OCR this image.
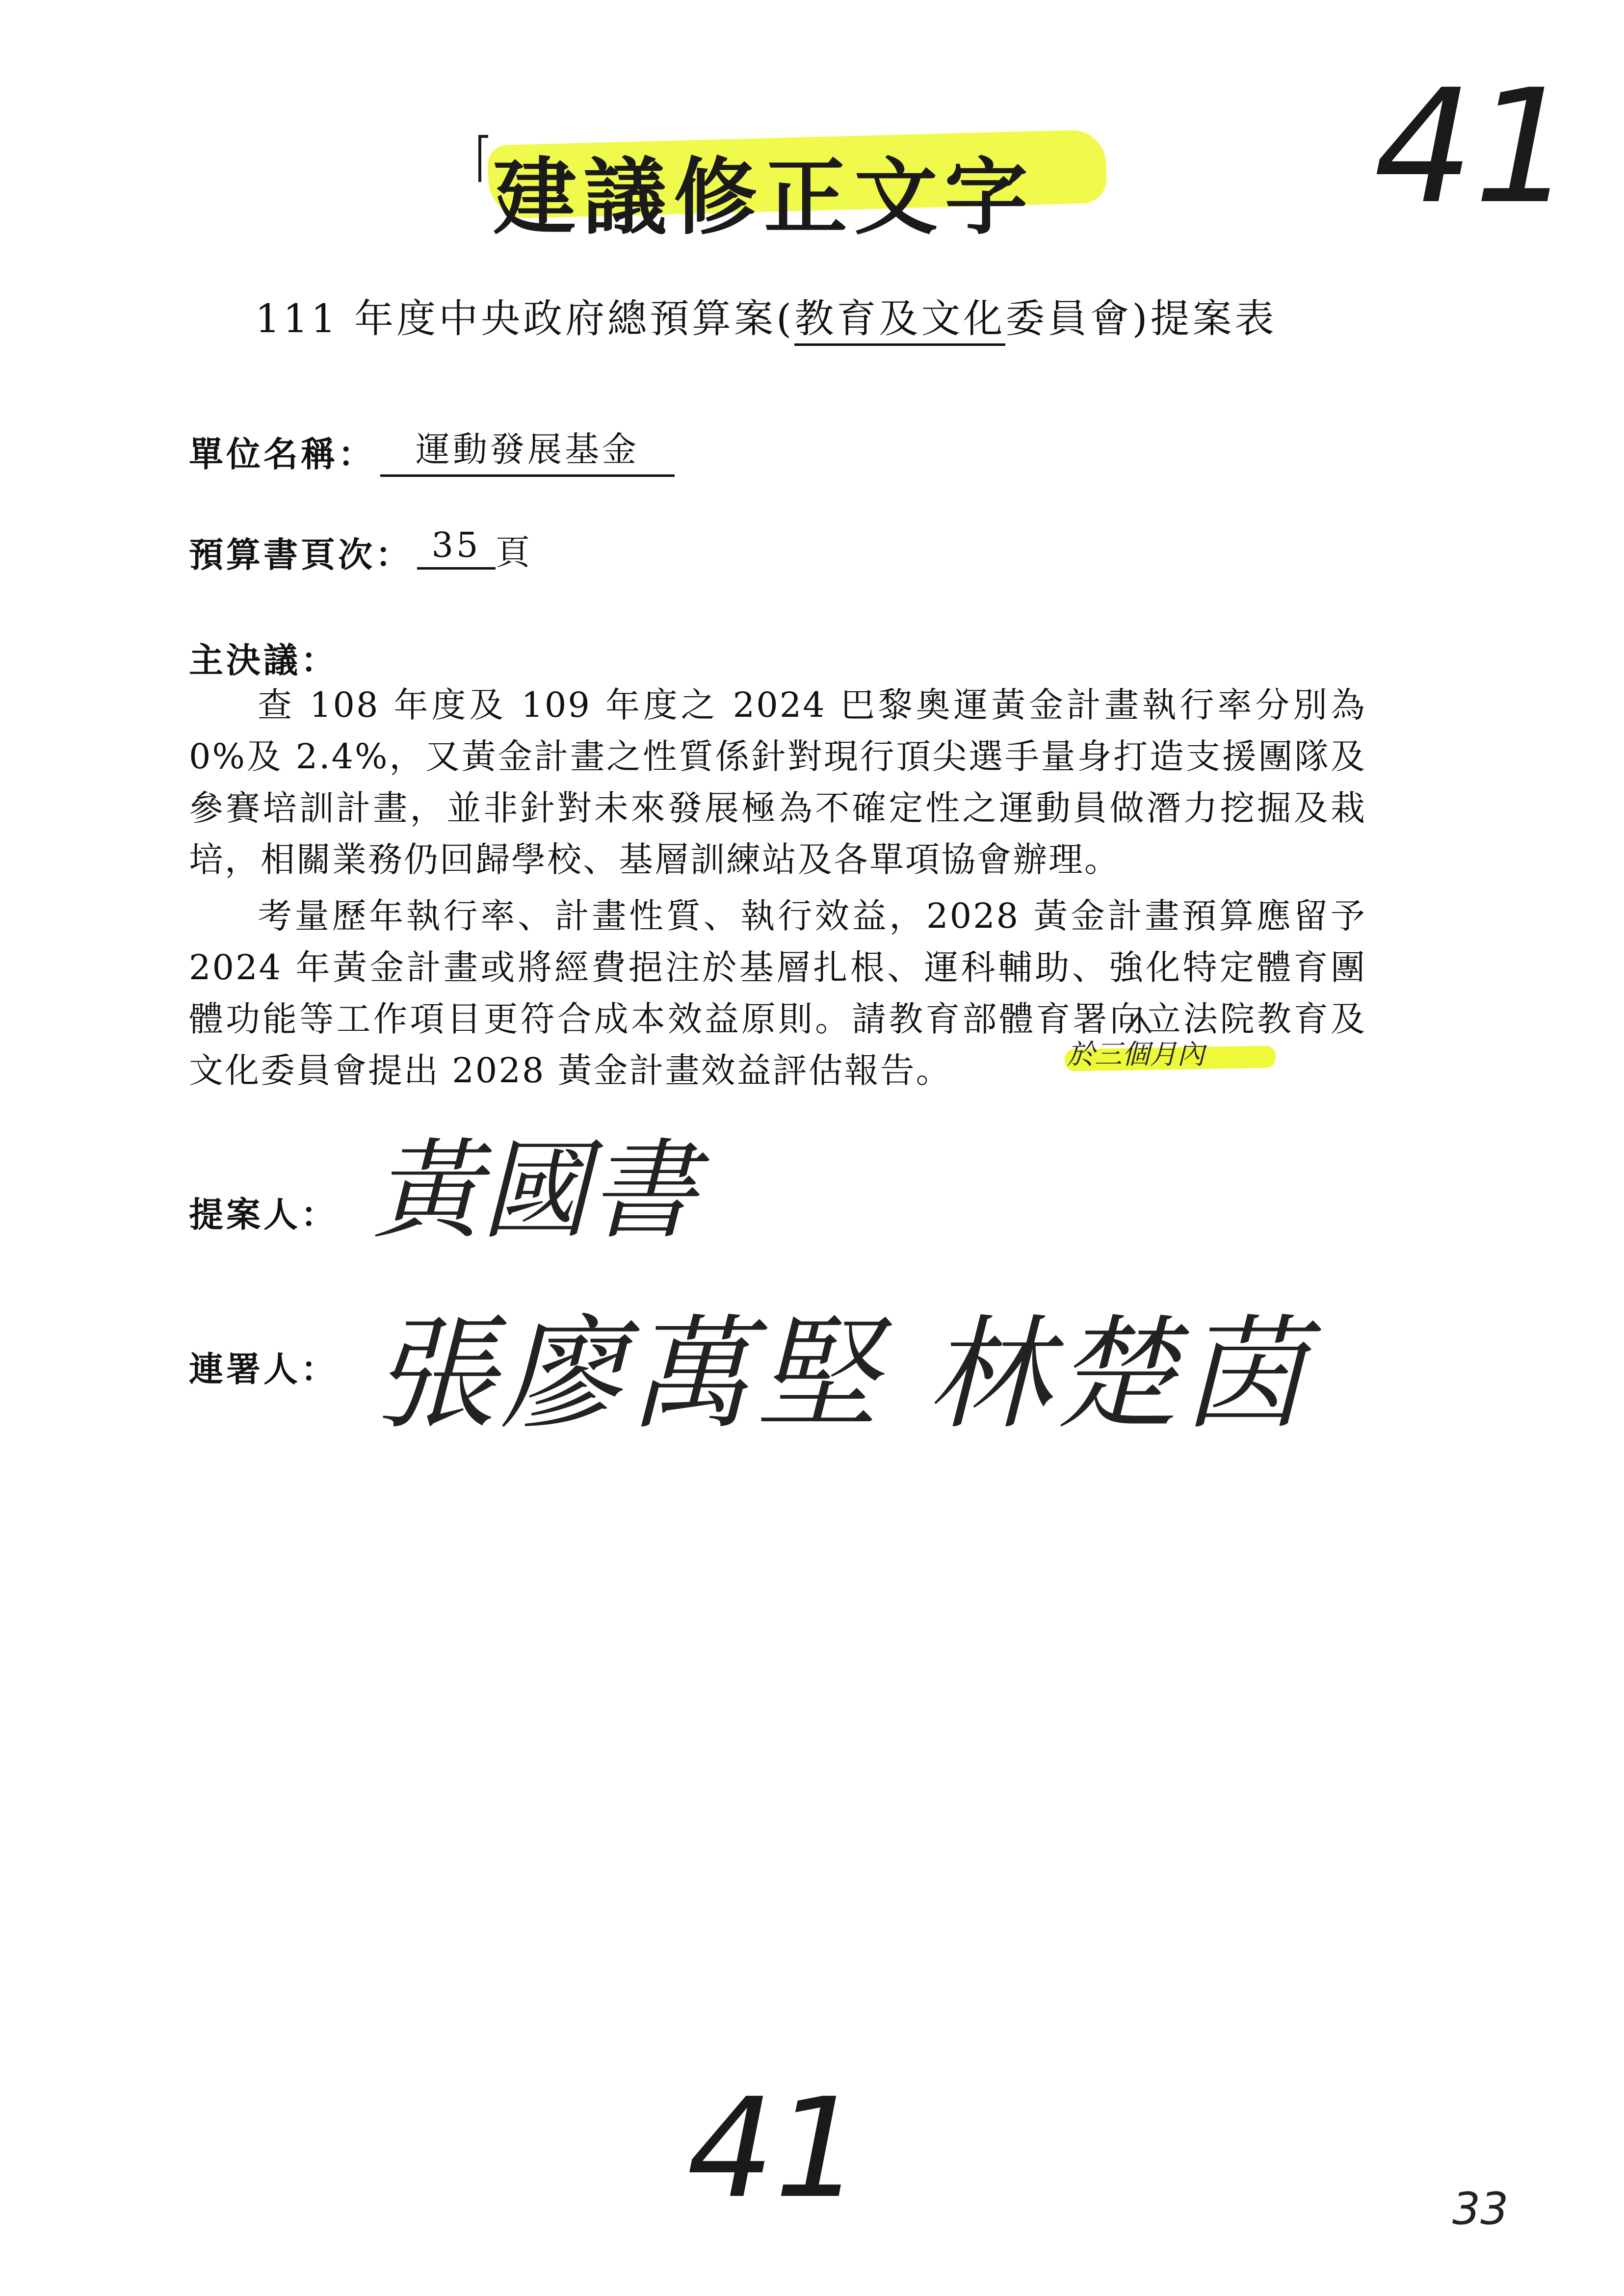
建議修正文字 41
111 年度中央政府總預算案(教育及文化委員會)提案表
單位名稱：	運動發展基金
預算書頁次： 35 頁
主決議：
查 108 年度及 109 年度之 2024 巴黎奧運黃金計畫執行率分別為 0%及 2.4%，又黃金計畫之性質係針對現行頂尖選手量身打造支援團隊及參賽培訓計畫，並非針對未來發展極為不確定性之運動員做潛力挖掘及栽培，相關業務仍回歸學校、基層訓練站及各單項協會辦理。
考量歷年執行率、計畫性質、執行效益，2028 黃金計畫預算應留予 2024 年黃金計畫或將經費挹注於基層扎根、運科輔助、強化特定體育團體功能等工作項目更符合成本效益原則。請教育部體育署向立法院教育及文化委員會提出 2028 黃金計畫效益評估報告。	於三個月內
提案人： 黃國書
連署人： 張廖萬堅 林楚茵
41	33
